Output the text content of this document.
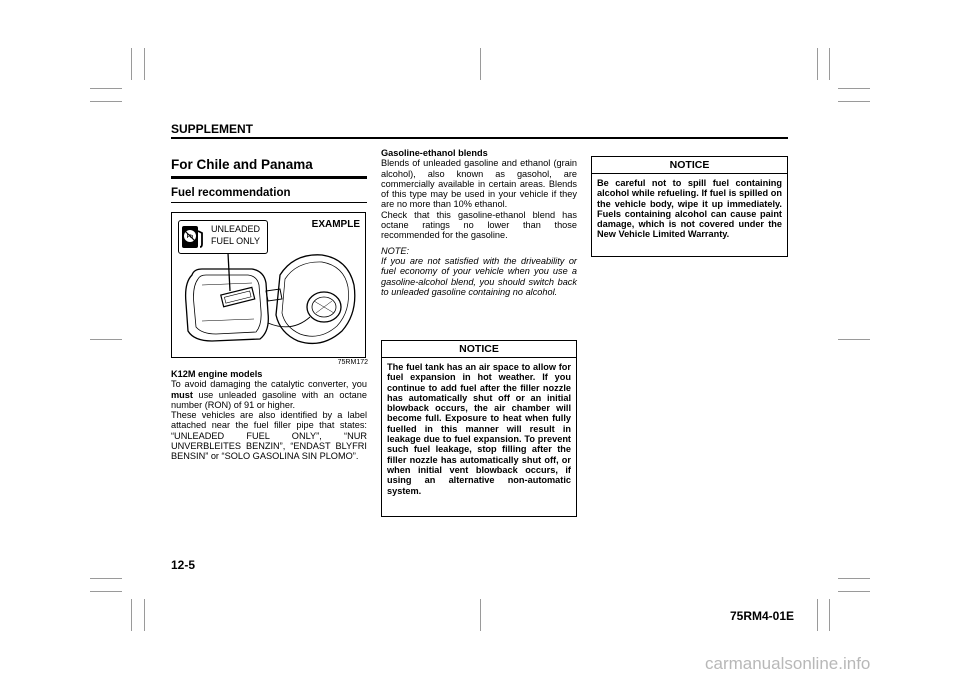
SUPPLEMENT
For Chile and Panama
Fuel recommendation
Pb
UNLEADED
FUEL ONLY
EXAMPLE
75RM172

K12M engine models

To avoid damaging the catalytic converter, you must use unleaded gasoline with an octane number (RON) of 91 or higher.

These vehicles are also identified by a label attached near the fuel filler pipe that states: “UNLEADED FUEL ONLY”, “NUR UNVERBLEITES BENZIN”, “ENDAST BLYFRI BENSIN” or “SOLO GASOLINA SIN PLOMO”.

Gasoline-ethanol blends

Blends of unleaded gasoline and ethanol (grain alcohol), also known as gasohol, are commercially available in certain areas. Blends of this type may be used in your vehicle if they are no more than 10% ethanol.

Check that this gasoline-ethanol blend has octane ratings no lower than those recommended for the gasoline.

NOTE:

If you are not satisfied with the driveability or fuel economy of your vehicle when you use a gasoline-alcohol blend, you should switch back to unleaded gasoline containing no alcohol.

NOTICE
The fuel tank has an air space to allow for fuel expansion in hot weather. If you continue to add fuel after the filler nozzle has automatically shut off or an initial blowback occurs, the air chamber will become full. Exposure to heat when fully fuelled in this manner will result in leakage due to fuel expansion. To prevent such fuel leakage, stop filling after the filler nozzle has automatically shut off, or when initial vent blowback occurs, if using an alternative non-automatic system.
NOTICE
Be careful not to spill fuel containing alcohol while refueling. If fuel is spilled on the vehicle body, wipe it up immediately. Fuels containing alcohol can cause paint damage, which is not covered under the New Vehicle Limited Warranty.
12-5
75RM4-01E
carmanualsonline.info
